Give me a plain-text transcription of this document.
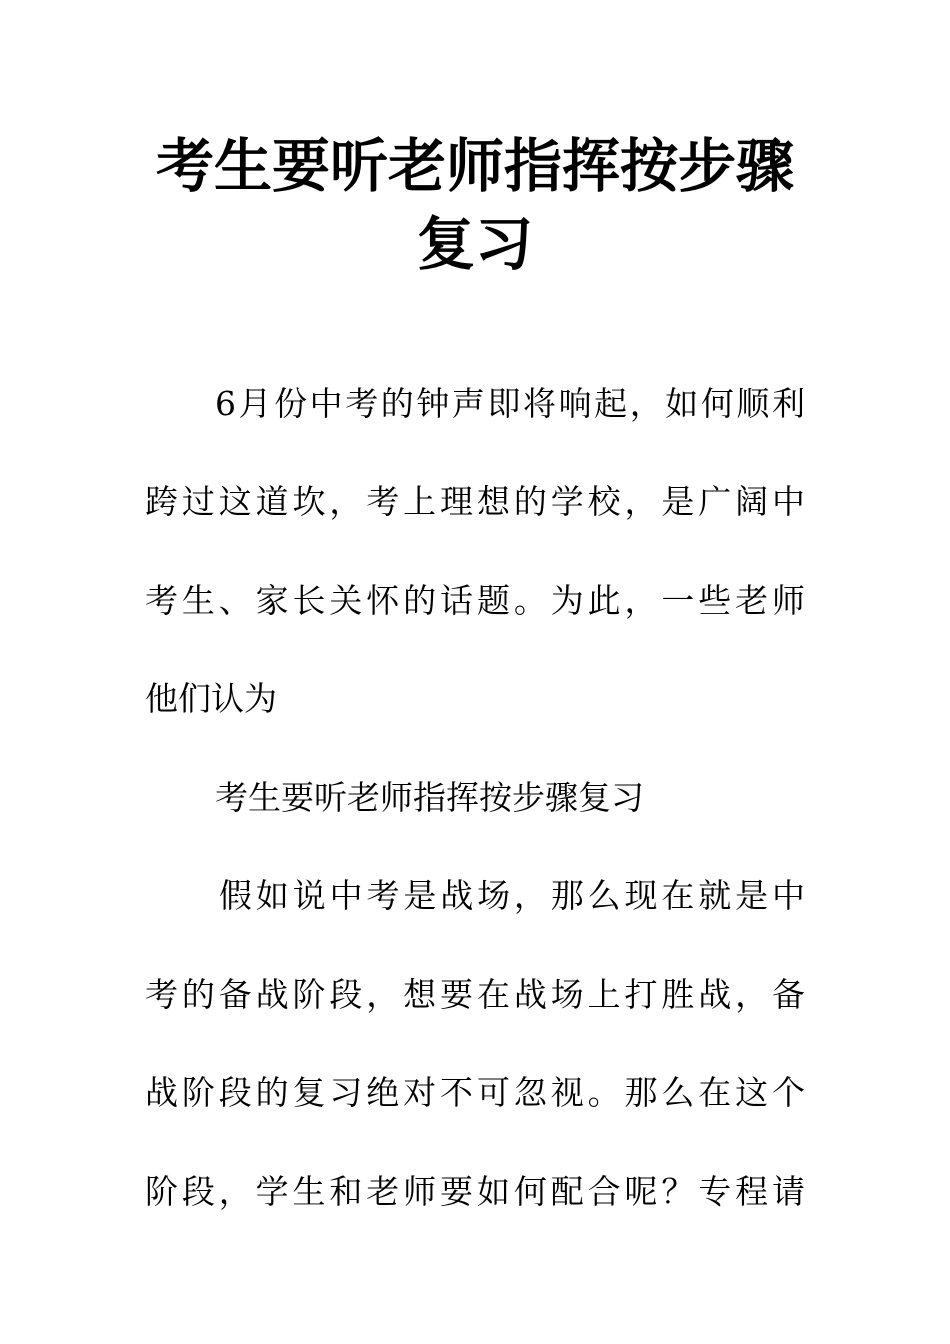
考生要听老师指挥按步骤
复习
6月份中考的钟声即将响起，如何顺利
跨过这道坎，考上理想的学校，是广阔中
考生、家长关怀的话题。为此，一些老师
他们认为
考生要听老师指挥按步骤复习
假如说中考是战场，那么现在就是中
考的备战阶段，想要在战场上打胜战，备
战阶段的复习绝对不可忽视。那么在这个
阶段，学生和老师要如何配合呢？专程请
